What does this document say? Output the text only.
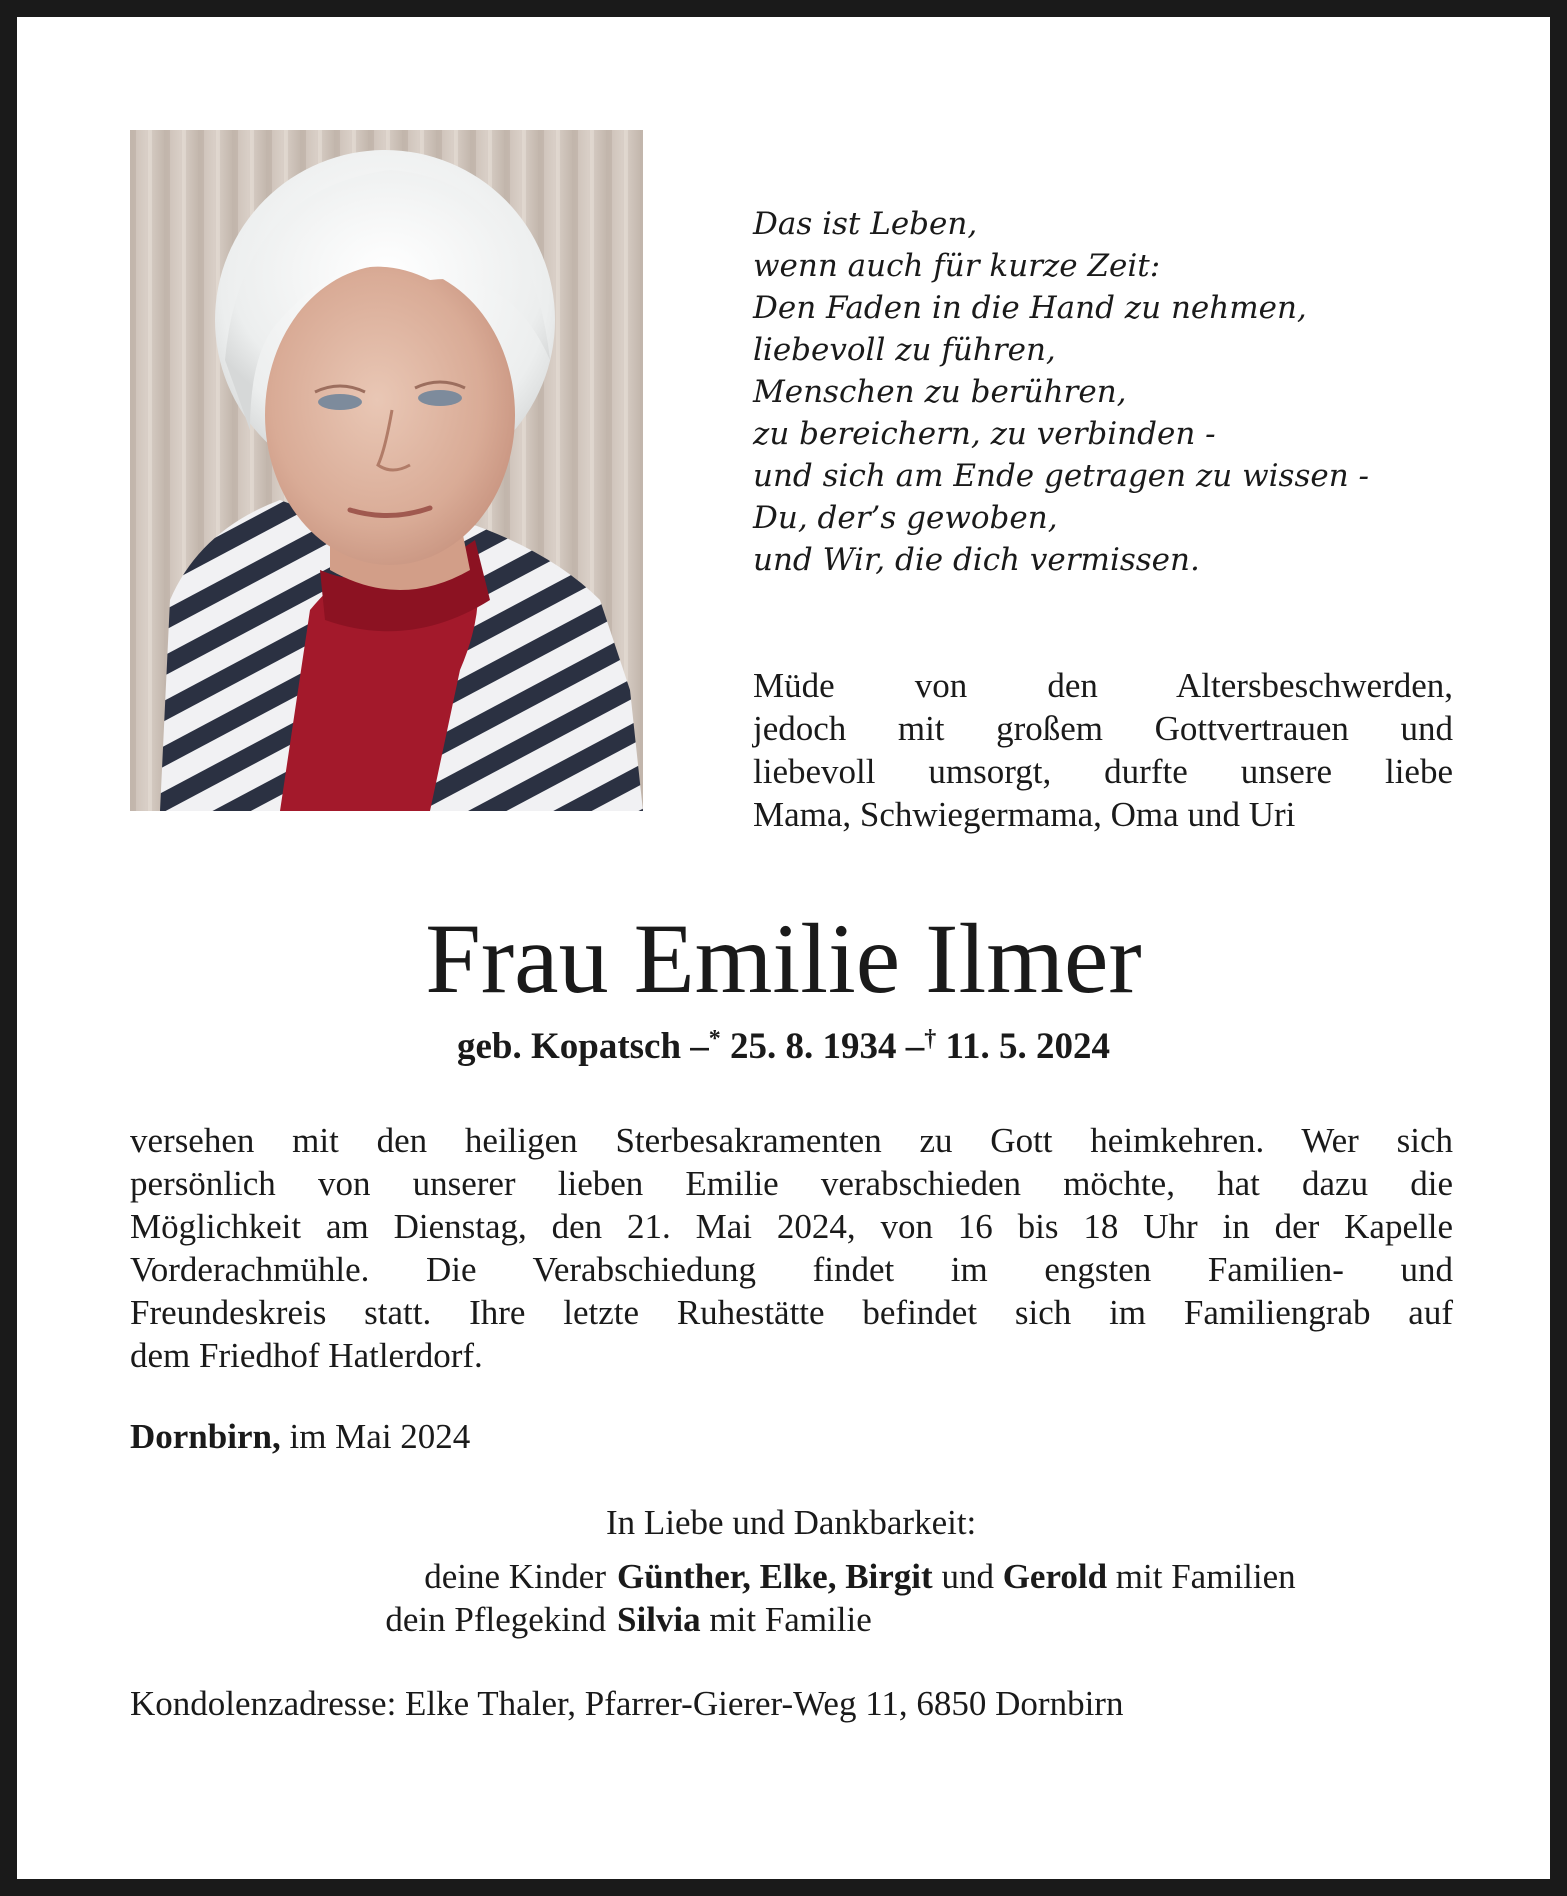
Das ist Leben,
wenn auch für kurze Zeit:
Den Faden in die Hand zu nehmen,
liebevoll zu führen,
Menschen zu berühren,
zu bereichern, zu verbinden -
und sich am Ende getragen zu wissen -
Du, der’s gewoben,
und Wir, die dich vermissen.
Müde von den Altersbeschwerden,
jedoch mit großem Gottvertrauen und
liebevoll umsorgt, durfte unsere liebe
Mama, Schwiegermama, Oma und Uri
Frau Emilie Ilmer
geb. Kopatsch –* 25. 8. 1934 –† 11. 5. 2024
versehen mit den heiligen Sterbesakramenten zu Gott heimkehren. Wer sich
persönlich von unserer lieben Emilie verabschieden möchte, hat dazu die
Möglichkeit am Dienstag, den 21. Mai 2024, von 16 bis 18 Uhr in der Kapelle
Vorderachmühle. Die Verabschiedung findet im engsten Familien- und
Freundeskreis statt. Ihre letzte Ruhestätte befindet sich im Familiengrab auf
dem Friedhof Hatlerdorf.
Dornbirn, im Mai 2024
In Liebe und Dankbarkeit:
deine Kinder Günther, Elke, Birgit und Gerold mit Familien
dein Pflegekind Silvia mit Familie
Kondolenzadresse: Elke Thaler, Pfarrer-Gierer-Weg 11, 6850 Dornbirn
